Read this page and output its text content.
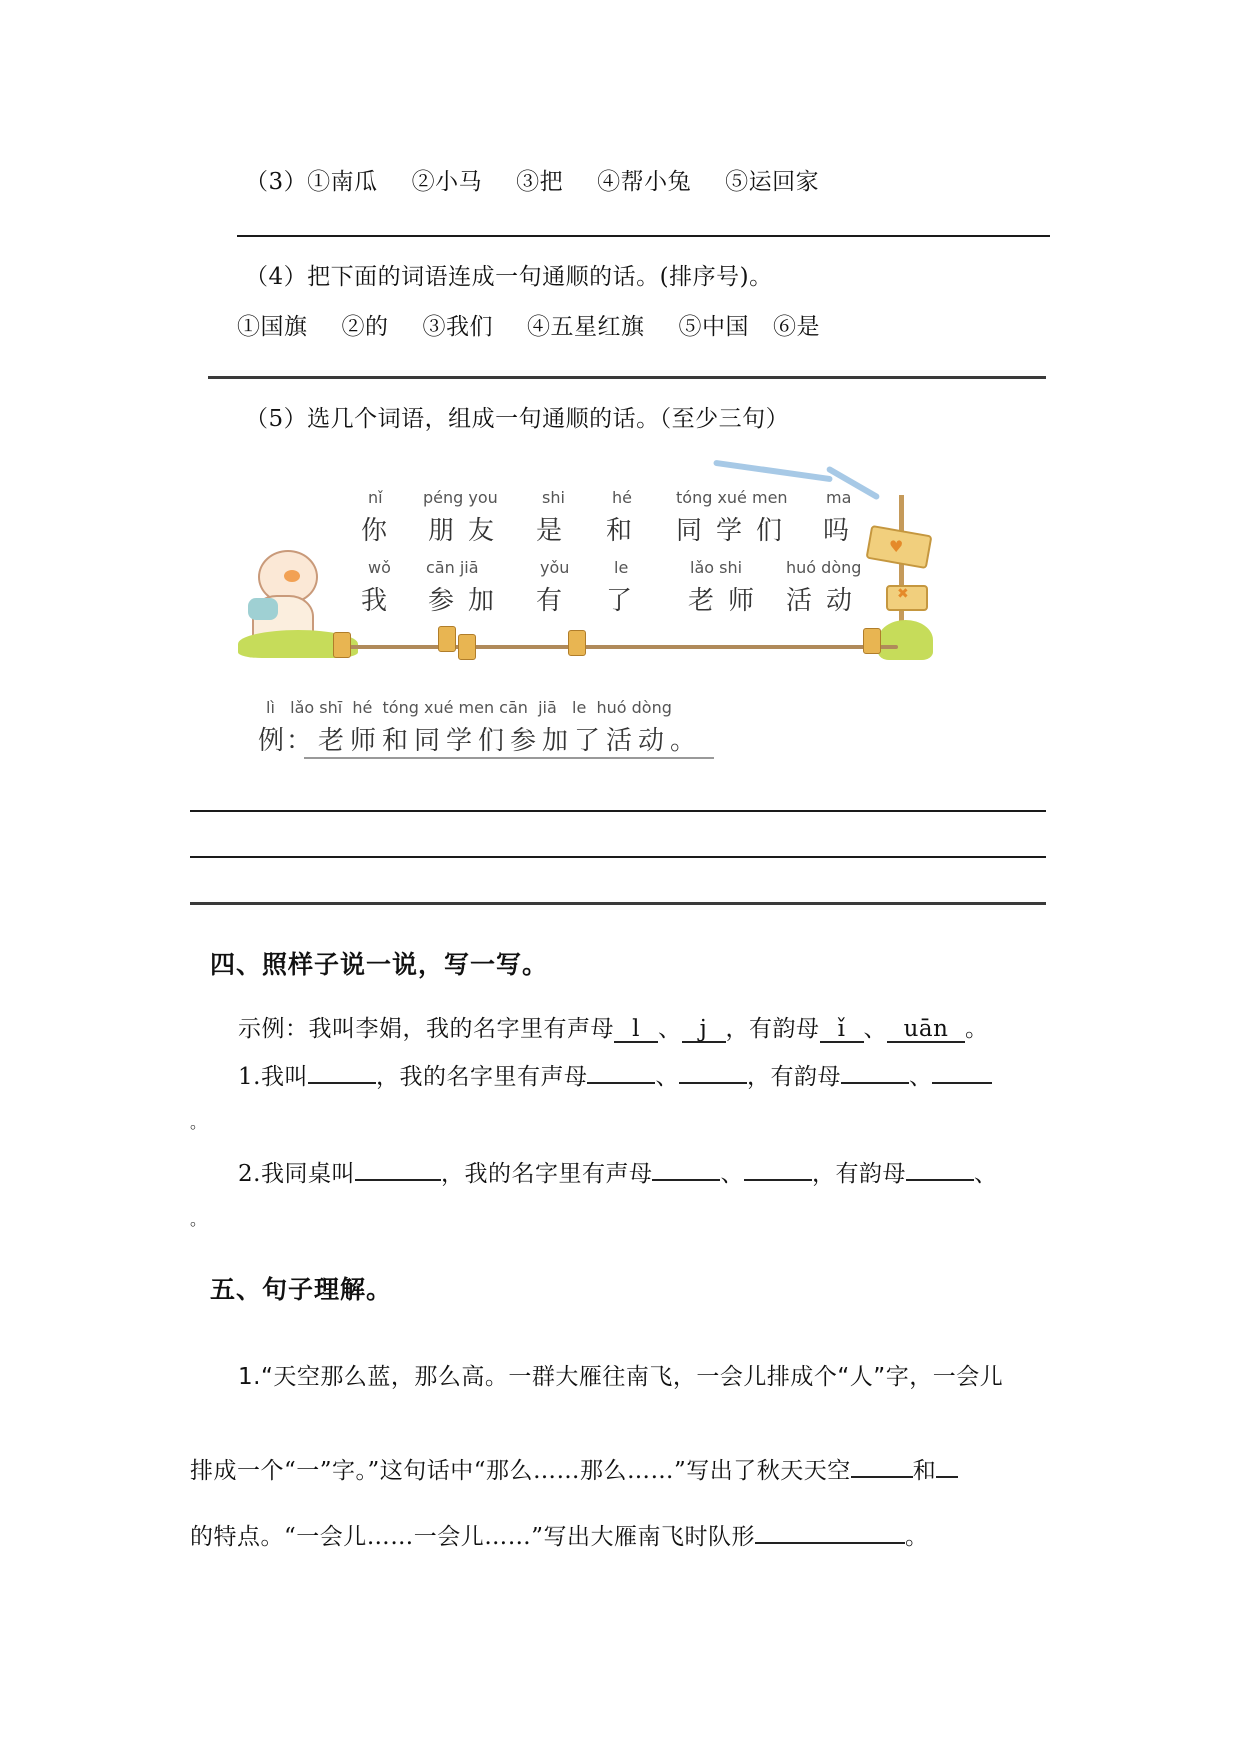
（3）①南瓜 ②小马 ③把 ④帮小兔 ⑤运回家
（4）把下面的词语连成一句通顺的话。(排序号)。
①国旗 ②的 ③我们 ④五星红旗 ⑤中国 ⑥是
（5）选几个词语，组成一句通顺的话。（至少三句）
♥
✖
nǐ
你
péng you
朋友
shi
是
hé
和
tóng xué men
同学们
ma
吗
wǒ
我
cān jiā
参加
yǒu
有
le
了
lǎo shi
老师
huó dòng
活动
lì   lǎo shī  hé  tóng xué men cān  jiā   le  huó dòng
例 ：老师和同学们参加了活动。
四、照样子说一说，写一写。
示例：我叫李娟，我的名字里有声母 l 、 j ，有韵母 ǐ 、 uān 。
1.我叫	，我的名字里有声母	、	，有韵母	、
。
2.我同桌叫	，我的名字里有声母	、	，有韵母	、
。
五、句子理解。
1.“天空那么蓝，那么高。一群大雁往南飞，一会儿排成个“人”字，一会儿
排成一个“一”字。”这句话中“那么……那么……”写出了秋天天空	和
的特点。“一会儿……一会儿……”写出大雁南飞时队形	。
